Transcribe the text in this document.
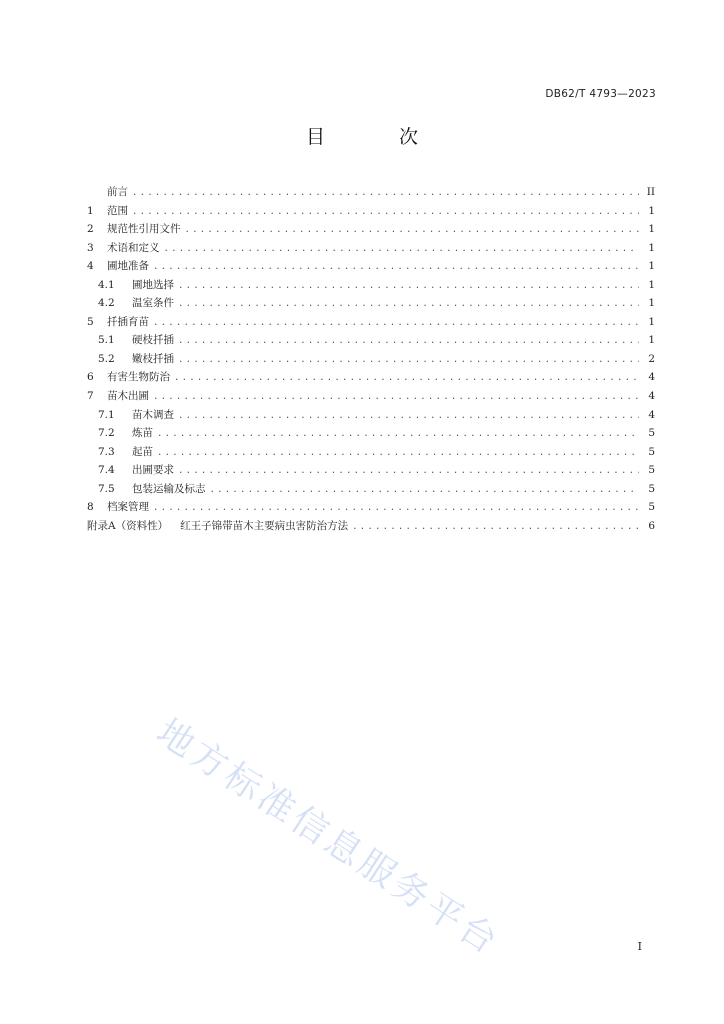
DB62/T 4793—2023
目 次
前言 . . .	II
1	范围 . . .	1
2	规范性引用文件 . . .	1
3	术语和定义 . . .	1
4	圃地准备 . . .	1
4.1	圃地选择 . . .	1
4.2	温室条件 . . .	1
5	扦插育苗 . . .	1
5.1	硬枝扦插 . . .	1
5.2	嫩枝扦插 . . .	2
6	有害生物防治 . . .	4
7	苗木出圃 . . .	4
7.1	苗木调查 . . .	4
7.2	炼苗 . . .	5
7.3	起苗 . . .	5
7.4	出圃要求 . . .	5
7.5	包装运输及标志 . . .	5
8	档案管理 . . .	5
附录A（资料性）	红王子锦带苗木主要病虫害防治方法 . . .	6
地方标准信息服务平台	I
